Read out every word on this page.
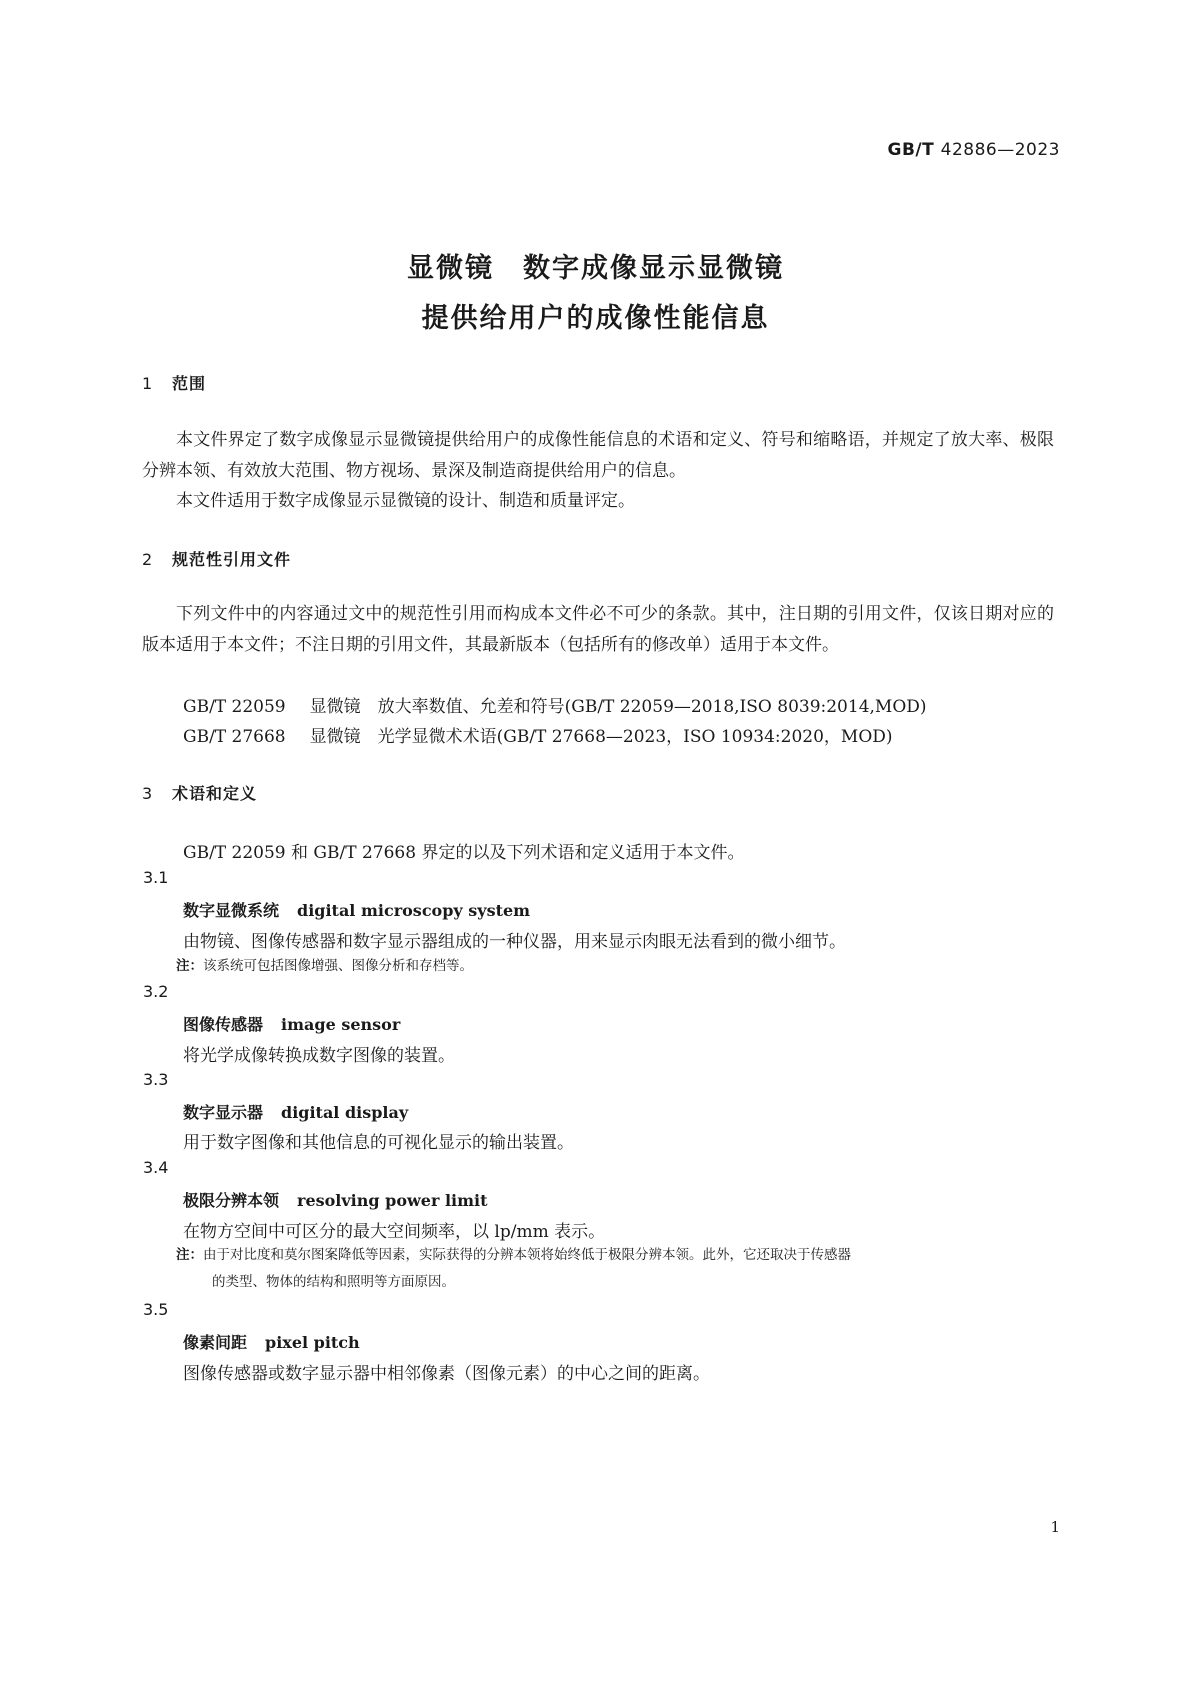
GB/T 42886—2023
显微镜　数字成像显示显微镜
提供给用户的成像性能信息
1 范围
本文件界定了数字成像显示显微镜提供给用户的成像性能信息的术语和定义、符号和缩略语，并规定了放大率、极限分辨本领、有效放大范围、物方视场、景深及制造商提供给用户的信息。
本文件适用于数字成像显示显微镜的设计、制造和质量评定。
2 规范性引用文件
下列文件中的内容通过文中的规范性引用而构成本文件必不可少的条款。其中，注日期的引用文件，仅该日期对应的版本适用于本文件；不注日期的引用文件，其最新版本（包括所有的修改单）适用于本文件。
GB/T 22059 显微镜　放大率数值、允差和符号(GB/T 22059—2018,ISO 8039:2014,MOD)
GB/T 27668 显微镜　光学显微术术语(GB/T 27668—2023，ISO 10934:2020，MOD)
3 术语和定义
GB/T 22059 和 GB/T 27668 界定的以及下列术语和定义适用于本文件。
3.1
数字显微系统 digital microscopy system
由物镜、图像传感器和数字显示器组成的一种仪器，用来显示肉眼无法看到的微小细节。
注：该系统可包括图像增强、图像分析和存档等。
3.2
图像传感器 image sensor
将光学成像转换成数字图像的装置。
3.3
数字显示器 digital display
用于数字图像和其他信息的可视化显示的输出装置。
3.4
极限分辨本领 resolving power limit
在物方空间中可区分的最大空间频率，以 lp/mm 表示。
注：由于对比度和莫尔图案降低等因素，实际获得的分辨本领将始终低于极限分辨本领。此外，它还取决于传感器
的类型、物体的结构和照明等方面原因。
3.5
像素间距 pixel pitch
图像传感器或数字显示器中相邻像素（图像元素）的中心之间的距离。
1
